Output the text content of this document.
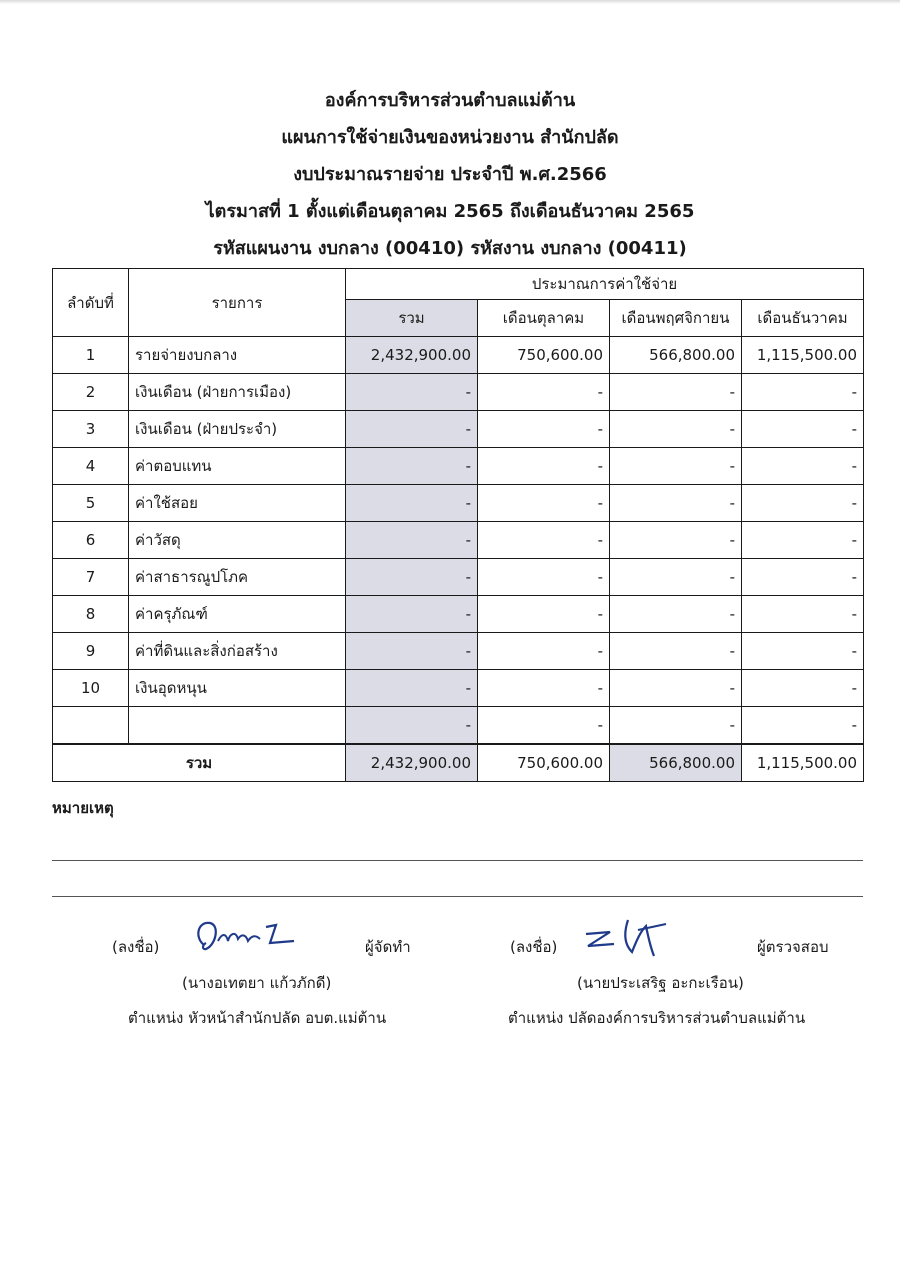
องค์การบริหารส่วนตำบลแม่ต้าน
แผนการใช้จ่ายเงินของหน่วยงาน สำนักปลัด
งบประมาณรายจ่าย ประจำปี พ.ศ.2566
ไตรมาสที่ 1 ตั้งแต่เดือนตุลาคม 2565 ถึงเดือนธันวาคม 2565
รหัสแผนงาน งบกลาง (00410) รหัสงาน งบกลาง (00411)
ลำดับที่	รายการ	ประมาณการค่าใช้จ่าย			
		รวม	เดือนตุลาคม	เดือนพฤศจิกายน	เดือนธันวาคม
1	รายจ่ายงบกลาง	2,432,900.00	750,600.00	566,800.00	1,115,500.00
2	เงินเดือน (ฝ่ายการเมือง)	-	-	-	-
3	เงินเดือน (ฝ่ายประจำ)	-	-	-	-
4	ค่าตอบแทน	-	-	-	-
5	ค่าใช้สอย	-	-	-	-
6	ค่าวัสดุ	-	-	-	-
7	ค่าสาธารณูปโภค	-	-	-	-
8	ค่าครุภัณฑ์	-	-	-	-
9	ค่าที่ดินและสิ่งก่อสร้าง	-	-	-	-
10	เงินอุดหนุน	-	-	-	-
		-	-	-	-
รวม		2,432,900.00	750,600.00	566,800.00	1,115,500.00
หมายเหตุ
(ลงชื่อ)	ผู้จัดทำ
(นางอเทตยา แก้วภักดี)
ตำแหน่ง หัวหน้าสำนักปลัด อบต.แม่ต้าน
(ลงชื่อ)	ผู้ตรวจสอบ
(นายประเสริฐ อะกะเรือน)
ตำแหน่ง ปลัดองค์การบริหารส่วนตำบลแม่ต้าน
